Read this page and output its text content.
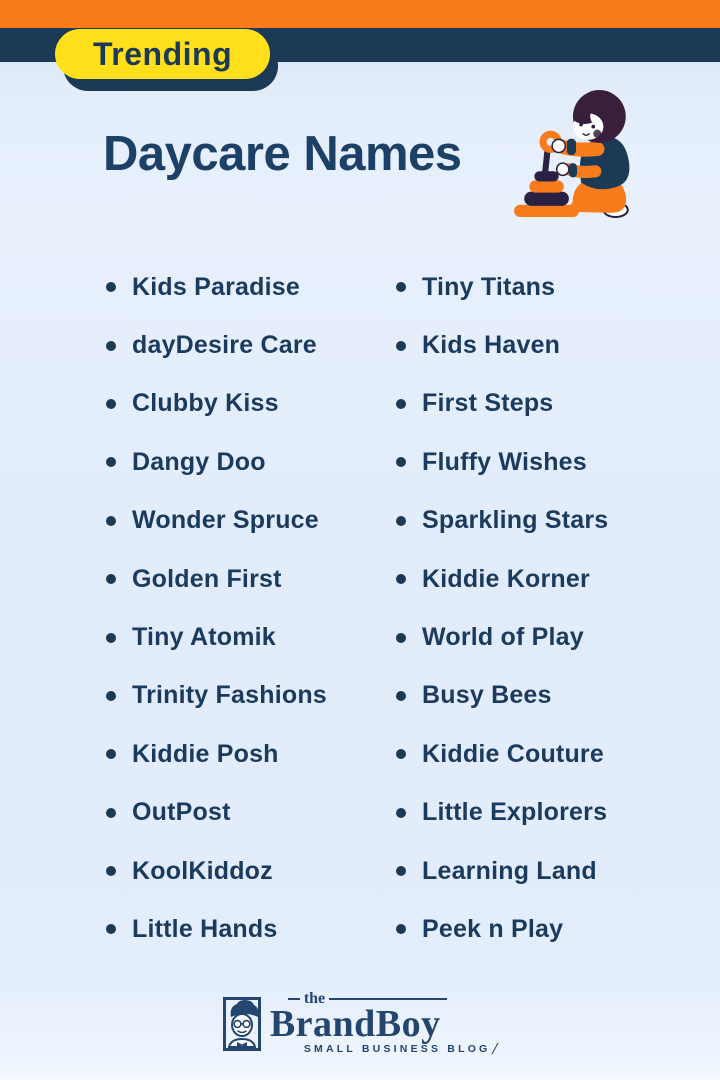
Trending
Daycare Names
Kids Paradise
dayDesire Care
Clubby Kiss
Dangy Doo
Wonder Spruce
Golden First
Tiny Atomik
Trinity Fashions
Kiddie Posh
OutPost
KoolKiddoz
Little Hands
Tiny Titans
Kids Haven
First Steps
Fluffy Wishes
Sparkling Stars
Kiddie Korner
World of Play
Busy Bees
Kiddie Couture
Little Explorers
Learning Land
Peek n Play
the
BrandBoy
SMALL BUSINESS BLOG /
